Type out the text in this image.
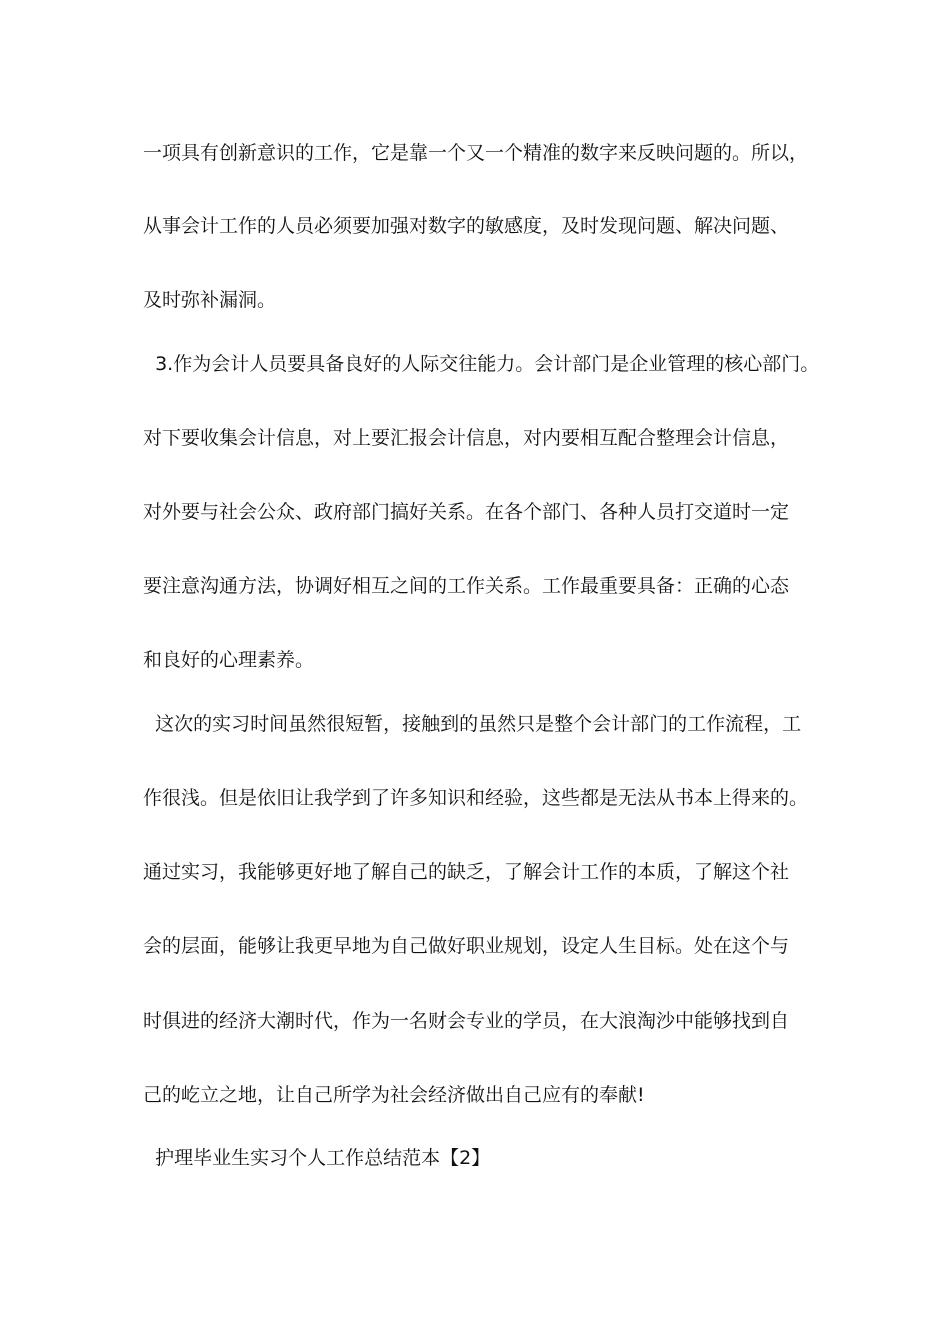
一项具有创新意识的工作，它是靠一个又一个精准的数字来反映问题的。所以，
从事会计工作的人员必须要加强对数字的敏感度，及时发现问题、解决问题、
及时弥补漏洞。
3.作为会计人员要具备良好的人际交往能力。会计部门是企业管理的核心部门。
对下要收集会计信息，对上要汇报会计信息，对内要相互配合整理会计信息，
对外要与社会公众、政府部门搞好关系。在各个部门、各种人员打交道时一定
要注意沟通方法，协调好相互之间的工作关系。工作最重要具备：正确的心态
和良好的心理素养。
这次的实习时间虽然很短暂，接触到的虽然只是整个会计部门的工作流程，工
作很浅。但是依旧让我学到了许多知识和经验，这些都是无法从书本上得来的。
通过实习，我能够更好地了解自己的缺乏，了解会计工作的本质，了解这个社
会的层面，能够让我更早地为自己做好职业规划，设定人生目标。处在这个与
时俱进的经济大潮时代，作为一名财会专业的学员，在大浪淘沙中能够找到自
己的屹立之地，让自己所学为社会经济做出自己应有的奉献!
护理毕业生实习个人工作总结范本【2】
